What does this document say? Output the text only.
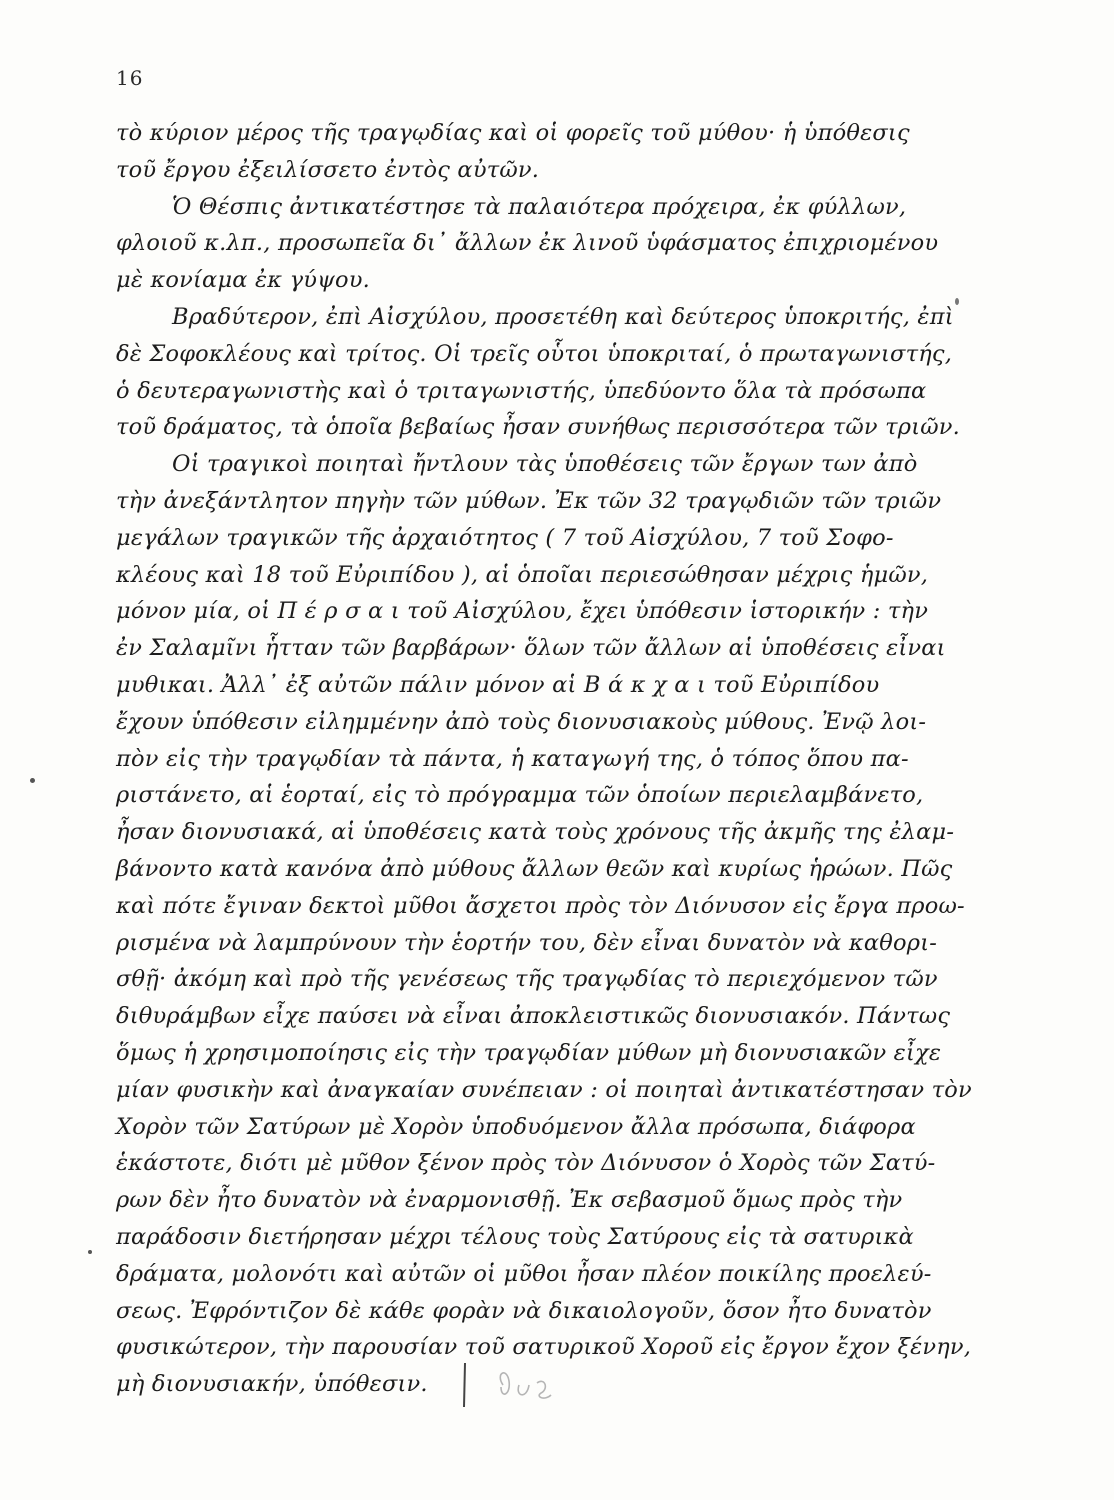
16
τὸ κύριον μέρος τῆς τραγῳδίας καὶ οἱ φορεῖς τοῦ μύθου· ἡ ὑπόθεσις
τοῦ ἔργου ἐξειλίσσετο ἐντὸς αὐτῶν.
Ὁ Θέσπις ἀντικατέστησε τὰ παλαιότερα πρόχειρα, ἐκ φύλλων,
φλοιοῦ κ.λπ., προσωπεῖα δι᾽ ἄλλων ἐκ λινοῦ ὑφάσματος ἐπιχριομένου
μὲ κονίαμα ἐκ γύψου.
Βραδύτερον, ἐπὶ Αἰσχύλου, προσετέθη καὶ δεύτερος ὑποκριτής, ἐπὶ
δὲ Σοφοκλέους καὶ τρίτος. Οἱ τρεῖς οὗτοι ὑποκριταί, ὁ πρωταγωνιστής,
ὁ δευτεραγωνιστὴς καὶ ὁ τριταγωνιστής, ὑπεδύοντο ὅλα τὰ πρόσωπα
τοῦ δράματος, τὰ ὁποῖα βεβαίως ἦσαν συνήθως περισσότερα τῶν τριῶν.
Οἱ τραγικοὶ ποιηταὶ ἤντλουν τὰς ὑποθέσεις τῶν ἔργων των ἀπὸ
τὴν ἀνεξάντλητον πηγὴν τῶν μύθων. Ἐκ τῶν 32 τραγῳδιῶν τῶν τριῶν
μεγάλων τραγικῶν τῆς ἀρχαιότητος ( 7 τοῦ Αἰσχύλου, 7 τοῦ Σοφο-
κλέους καὶ 18 τοῦ Εὐριπίδου ), αἱ ὁποῖαι περιεσώθησαν μέχρις ἡμῶν,
μόνον μία, οἱ Π έ ρ σ α ι τοῦ Αἰσχύλου, ἔχει ὑπόθεσιν ἱστορικήν : τὴν
ἐν Σαλαμῖνι ἧτταν τῶν βαρβάρων· ὅλων τῶν ἄλλων αἱ ὑποθέσεις εἶναι
μυθικαι. Ἀλλ᾽ ἐξ αὐτῶν πάλιν μόνον αἱ Β ά κ χ α ι τοῦ Εὐριπίδου
ἔχουν ὑπόθεσιν εἰλημμένην ἀπὸ τοὺς διονυσιακοὺς μύθους. Ἐνῷ λοι-
πὸν εἰς τὴν τραγῳδίαν τὰ πάντα, ἡ καταγωγή της, ὁ τόπος ὅπου πα-
ριστάνετο, αἱ ἑορταί, εἰς τὸ πρόγραμμα τῶν ὁποίων περιελαμβάνετο,
ἦσαν διονυσιακά, αἱ ὑποθέσεις κατὰ τοὺς χρόνους τῆς ἀκμῆς της ἐλαμ-
βάνοντο κατὰ κανόνα ἀπὸ μύθους ἄλλων θεῶν καὶ κυρίως ἡρώων. Πῶς
καὶ πότε ἔγιναν δεκτοὶ μῦθοι ἄσχετοι πρὸς τὸν Διόνυσον εἰς ἔργα προω-
ρισμένα νὰ λαμπρύνουν τὴν ἑορτήν του, δὲν εἶναι δυνατὸν νὰ καθορι-
σθῇ· ἀκόμη καὶ πρὸ τῆς γενέσεως τῆς τραγῳδίας τὸ περιεχόμενον τῶν
διθυράμβων εἶχε παύσει νὰ εἶναι ἀποκλειστικῶς διονυσιακόν. Πάντως
ὅμως ἡ χρησιμοποίησις εἰς τὴν τραγῳδίαν μύθων μὴ διονυσιακῶν εἶχε
μίαν φυσικὴν καὶ ἀναγκαίαν συνέπειαν : οἱ ποιηταὶ ἀντικατέστησαν τὸν
Χορὸν τῶν Σατύρων μὲ Χορὸν ὑποδυόμενον ἄλλα πρόσωπα, διάφορα
ἑκάστοτε, διότι μὲ μῦθον ξένον πρὸς τὸν Διόνυσον ὁ Χορὸς τῶν Σατύ-
ρων δὲν ἦτο δυνατὸν νὰ ἐναρμονισθῇ. Ἐκ σεβασμοῦ ὅμως πρὸς τὴν
παράδοσιν διετήρησαν μέχρι τέλους τοὺς Σατύρους εἰς τὰ σατυρικὰ
δράματα, μολονότι καὶ αὐτῶν οἱ μῦθοι ἦσαν πλέον ποικίλης προελεύ-
σεως. Ἐφρόντιζον δὲ κάθε φορὰν νὰ δικαιολογοῦν, ὅσον ἦτο δυνατὸν
φυσικώτερον, τὴν παρουσίαν τοῦ σατυρικοῦ Χοροῦ εἰς ἔργον ἔχον ξένην,
μὴ διονυσιακήν, ὑπόθεσιν.
